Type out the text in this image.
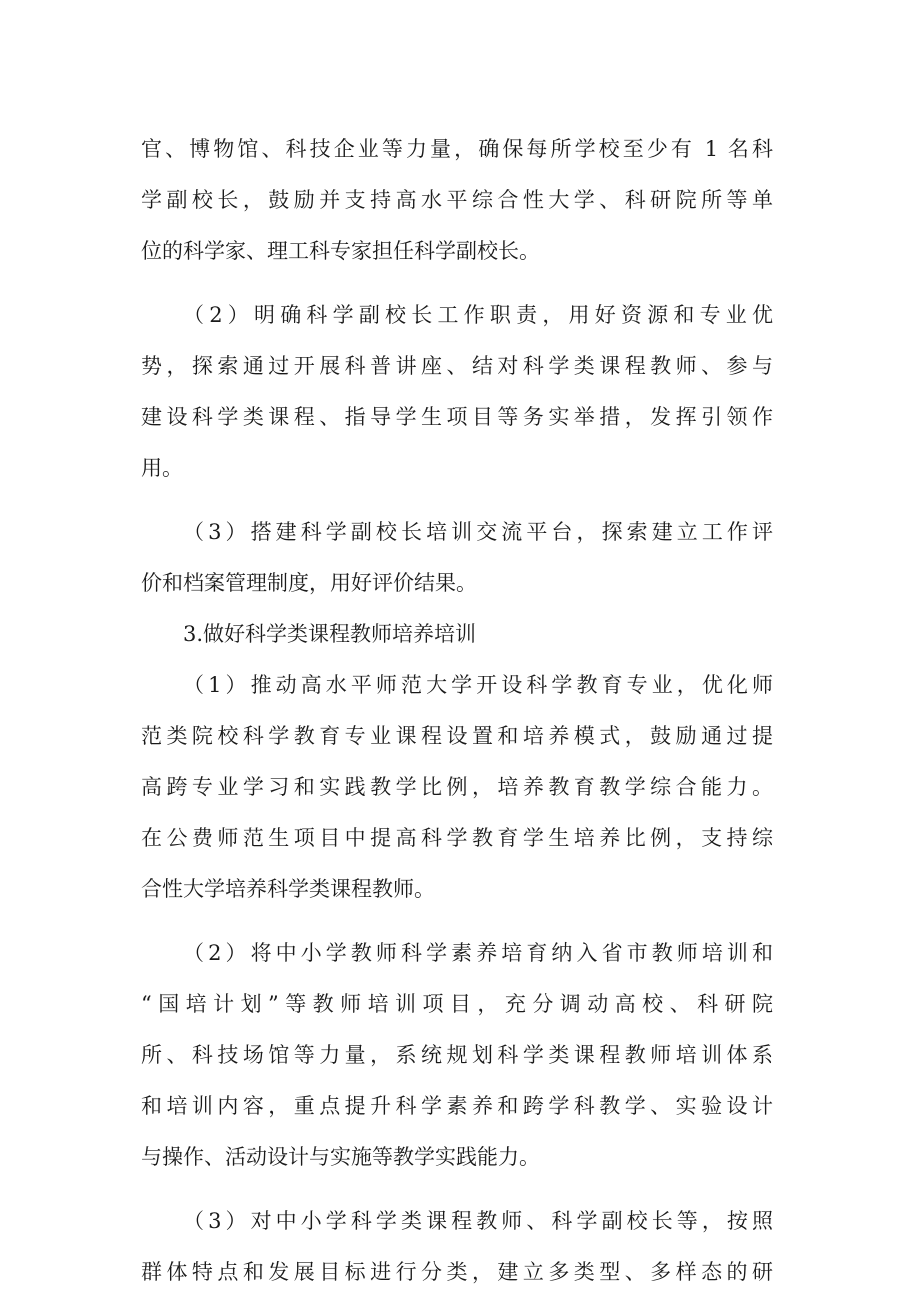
官、博物馆、科技企业等力量，确保每所学校至少有 1 名科
学副校长，鼓励并支持高水平综合性大学、科研院所等单
位的科学家、理工科专家担任科学副校长。
（2）明确科学副校长工作职责，用好资源和专业优
势，探索通过开展科普讲座、结对科学类课程教师、参与
建设科学类课程、指导学生项目等务实举措，发挥引领作
用。
（3）搭建科学副校长培训交流平台，探索建立工作评
价和档案管理制度，用好评价结果。
3.做好科学类课程教师培养培训
（1）推动高水平师范大学开设科学教育专业，优化师
范类院校科学教育专业课程设置和培养模式，鼓励通过提
高跨专业学习和实践教学比例，培养教育教学综合能力。
在公费师范生项目中提高科学教育学生培养比例，支持综
合性大学培养科学类课程教师。
（2）将中小学教师科学素养培育纳入省市教师培训和
“国培计划”等教师培训项目，充分调动高校、科研院
所、科技场馆等力量，系统规划科学类课程教师培训体系
和培训内容，重点提升科学素养和跨学科教学、实验设计
与操作、活动设计与实施等教学实践能力。
（3）对中小学科学类课程教师、科学副校长等，按照
群体特点和发展目标进行分类，建立多类型、多样态的研
